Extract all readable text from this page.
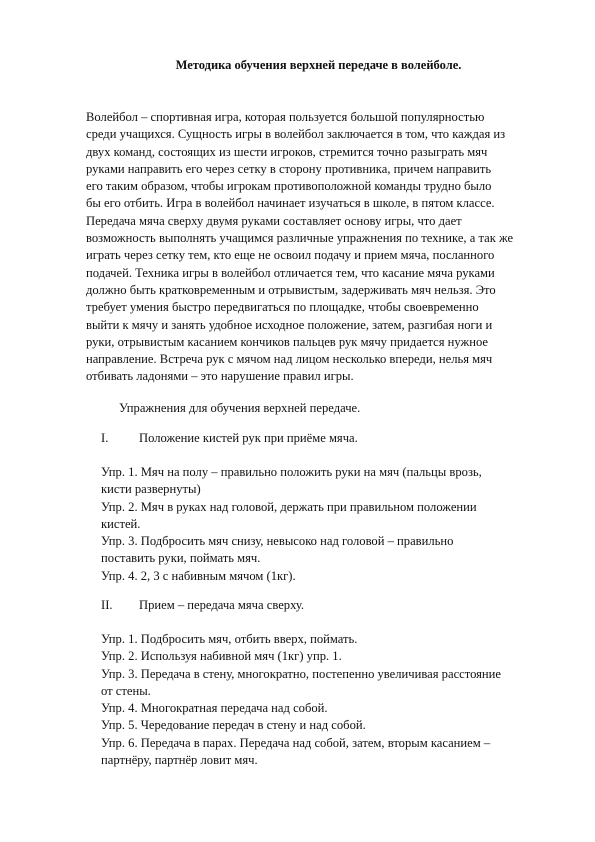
Методика обучения верхней передаче в волейболе.
Волейбол – спортивная игра, которая пользуется большой популярностью
среди учащихся. Сущность игры в волейбол заключается в том, что каждая из
двух команд, состоящих из шести игроков, стремится точно разыграть мяч
руками направить его через сетку в сторону противника, причем направить
его таким образом, чтобы игрокам противоположной команды трудно было
бы его отбить. Игра в волейбол начинает изучаться в школе, в пятом классе.
Передача мяча сверху двумя руками составляет основу игры, что дает
возможность выполнять учащимся различные упражнения по технике, а так же
играть через сетку тем, кто еще не освоил подачу и прием мяча, посланного
подачей. Техника игры в волейбол отличается тем, что касание мяча руками
должно быть кратковременным и отрывистым, задерживать мяч нельзя. Это
требует умения быстро передвигаться по площадке, чтобы своевременно
выйти к мячу и занять удобное исходное положение, затем, разгибая ноги и
руки, отрывистым касанием кончиков пальцев рук мячу придается нужное
направление. Встреча рук с мячом над лицом несколько впереди, нелья мяч
отбивать ладонями – это нарушение правил игры.
Упражнения для обучения верхней передаче.
I. Положение кистей рук при приёме мяча.
Упр. 1. Мяч на полу – правильно положить руки на мяч (пальцы врозь,
кисти развернуты)
Упр. 2. Мяч в руках над головой, держать при правильном положении
кистей.
Упр. 3. Подбросить мяч снизу, невысоко над головой – правильно
поставить руки, поймать мяч.
Упр. 4. 2, 3 с набивным мячом (1кг).
II. Прием – передача мяча сверху.
Упр. 1. Подбросить мяч, отбить вверх, поймать.
Упр. 2. Используя набивной мяч (1кг) упр. 1.
Упр. 3. Передача в стену, многократно, постепенно увеличивая расстояние
от стены.
Упр. 4. Многократная передача над собой.
Упр. 5. Чередование передач в стену и над собой.
Упр. 6. Передача в парах. Передача над собой, затем, вторым касанием –
партнёру, партнёр ловит мяч.
